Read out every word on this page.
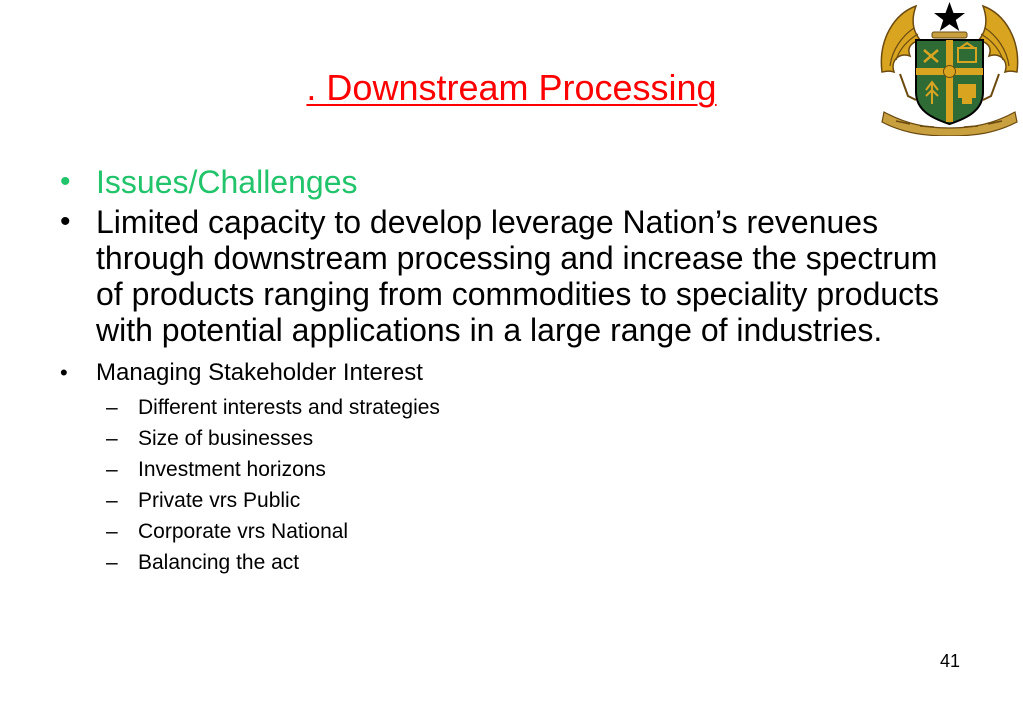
. Downstream Processing
• Issues/Challenges
• Limited capacity to develop leverage Nation’s revenues through downstream processing and increase the spectrum of products ranging from commodities to speciality products with potential applications in a large range of industries.
• Managing Stakeholder Interest
– Different interests and strategies
– Size of businesses
– Investment horizons
– Private vrs Public
– Corporate vrs National
– Balancing the act
41
